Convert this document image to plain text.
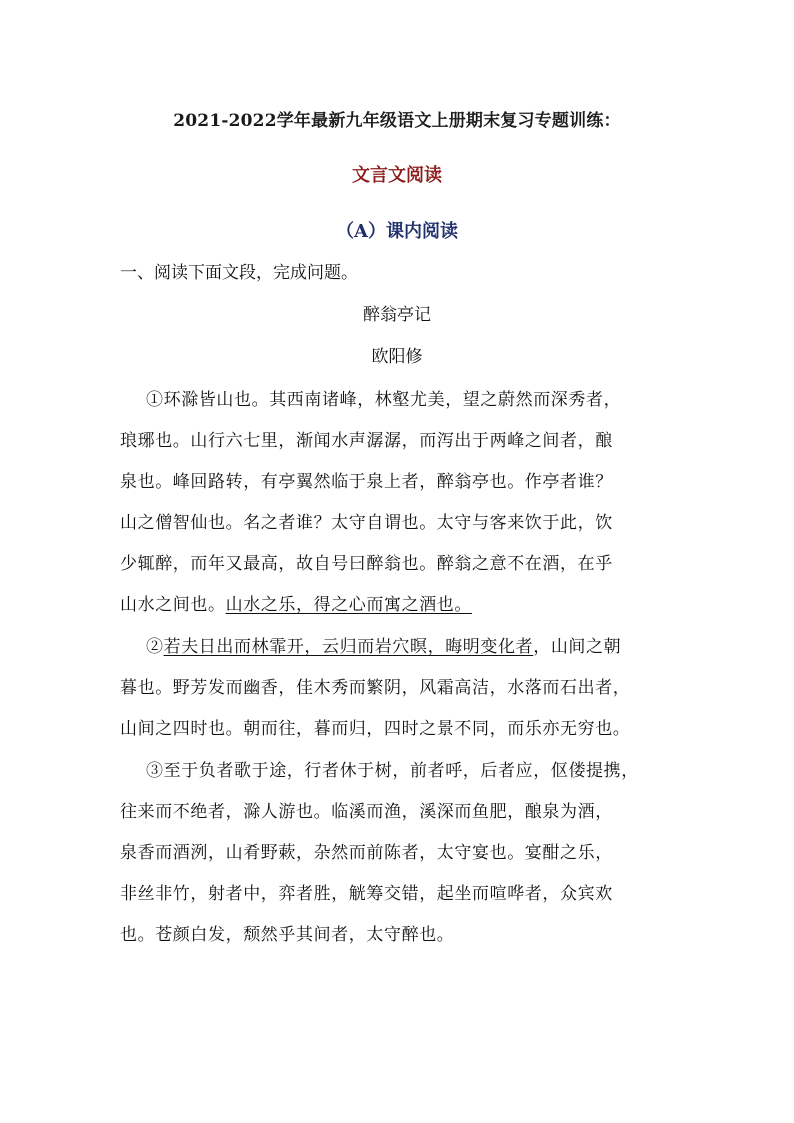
2021-2022学年最新九年级语文上册期末复习专题训练：
文言文阅读
（A）课内阅读
一、阅读下面文段，完成问题。
醉翁亭记
欧阳修
①环滁皆山也。其西南诸峰，林壑尤美，望之蔚然而深秀者，
琅琊也。山行六七里，渐闻水声潺潺，而泻出于两峰之间者，酿
泉也。峰回路转，有亭翼然临于泉上者，醉翁亭也。作亭者谁？
山之僧智仙也。名之者谁？太守自谓也。太守与客来饮于此，饮
少辄醉，而年又最高，故自号曰醉翁也。醉翁之意不在酒，在乎
山水之间也。山水之乐，得之心而寓之酒也。
②若夫日出而林霏开，云归而岩穴暝，晦明变化者，山间之朝
暮也。野芳发而幽香，佳木秀而繁阴，风霜高洁，水落而石出者，
山间之四时也。朝而往，暮而归，四时之景不同，而乐亦无穷也。
③至于负者歌于途，行者休于树，前者呼，后者应，伛偻提携，
往来而不绝者，滁人游也。临溪而渔，溪深而鱼肥，酿泉为酒，
泉香而酒洌，山肴野蔌，杂然而前陈者，太守宴也。宴酣之乐，
非丝非竹，射者中，弈者胜，觥筹交错，起坐而喧哗者，众宾欢
也。苍颜白发，颓然乎其间者，太守醉也。
